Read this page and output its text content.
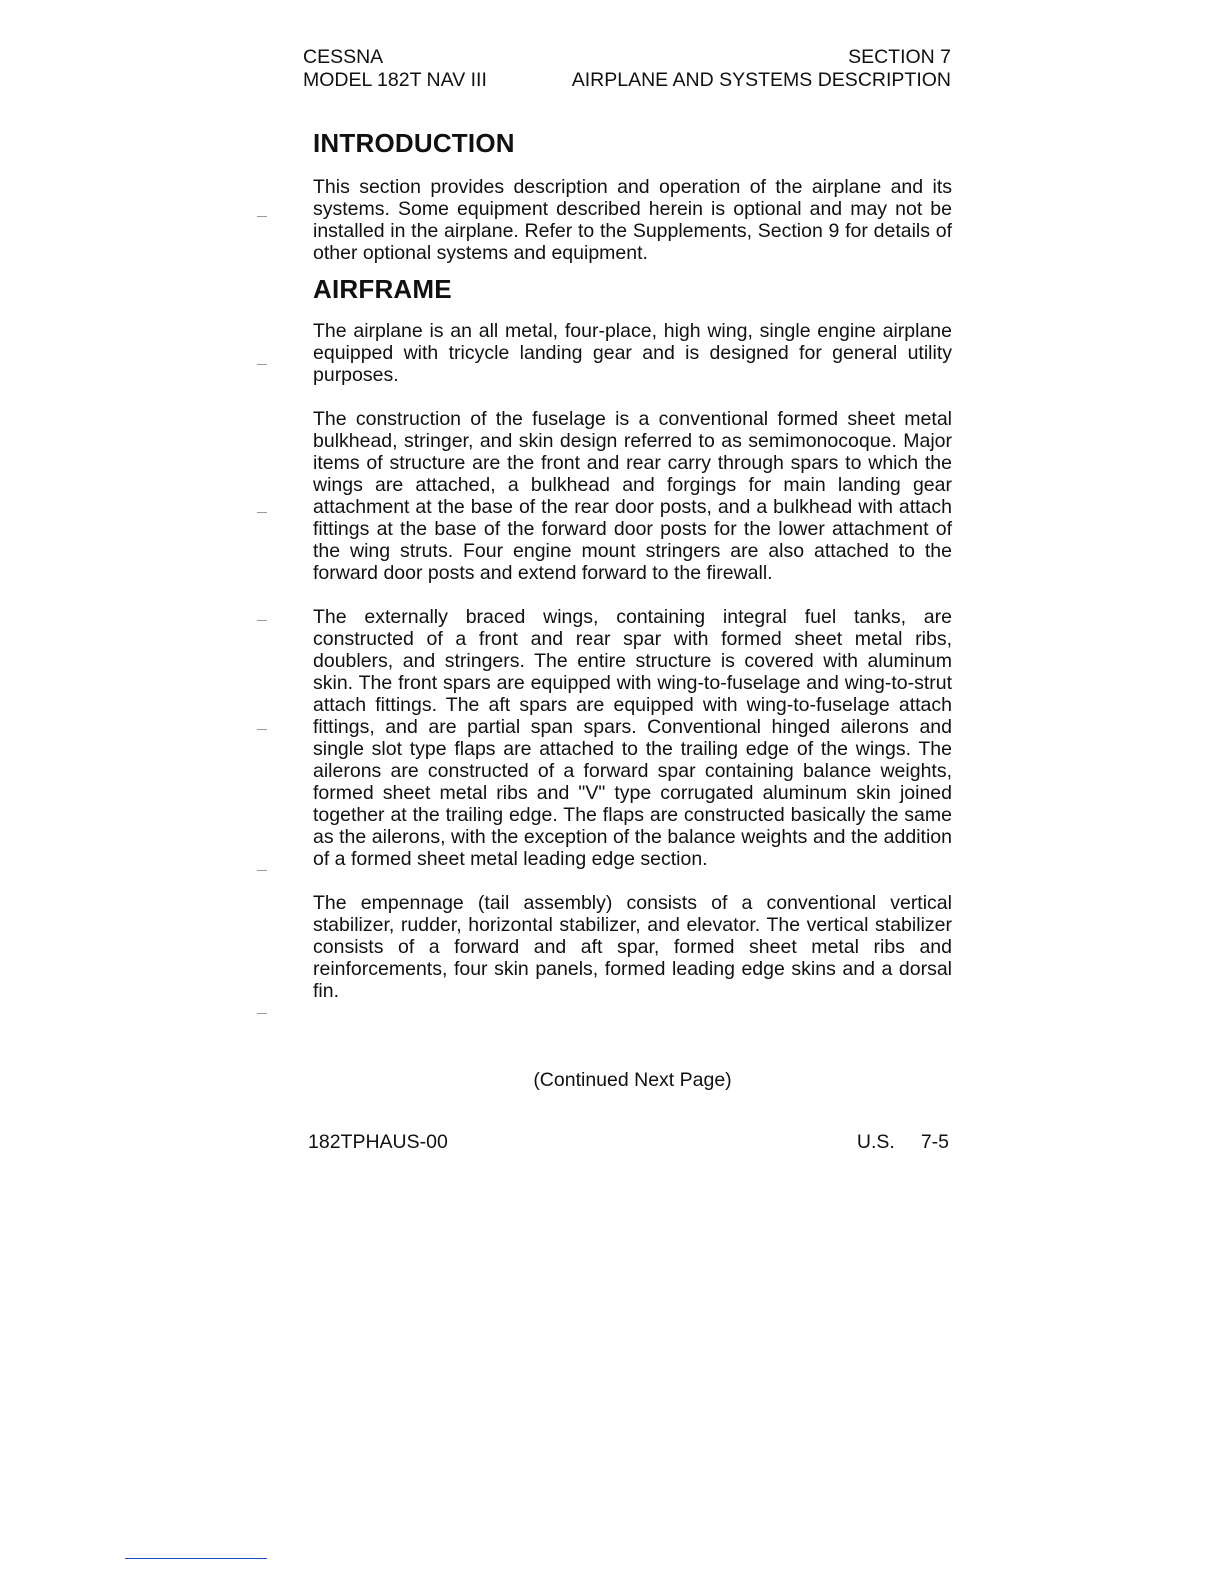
CESSNA	SECTION 7
MODEL 182T NAV III	AIRPLANE AND SYSTEMS DESCRIPTION
INTRODUCTION

This section provides description and operation of the airplane and its systems. Some equipment described herein is optional and may not be installed in the airplane. Refer to the Supplements, Section 9 for details of other optional systems and equipment.

AIRFRAME

The airplane is an all metal, four-place, high wing, single engine airplane equipped with tricycle landing gear and is designed for general utility purposes.

The construction of the fuselage is a conventional formed sheet metal bulkhead, stringer, and skin design referred to as semimonocoque. Major items of structure are the front and rear carry through spars to which the wings are attached, a bulkhead and forgings for main landing gear attachment at the base of the rear door posts, and a bulkhead with attach fittings at the base of the forward door posts for the lower attachment of the wing struts. Four engine mount stringers are also attached to the forward door posts and extend forward to the firewall.

The externally braced wings, containing integral fuel tanks, are constructed of a front and rear spar with formed sheet metal ribs, doublers, and stringers. The entire structure is covered with aluminum skin. The front spars are equipped with wing-to-fuselage and wing-to-strut attach fittings. The aft spars are equipped with wing-to-fuselage attach fittings, and are partial span spars. Conventional hinged ailerons and single slot type flaps are attached to the trailing edge of the wings. The ailerons are constructed of a forward spar containing balance weights, formed sheet metal ribs and "V" type corrugated aluminum skin joined together at the trailing edge. The flaps are constructed basically the same as the ailerons, with the exception of the balance weights and the addition of a formed sheet metal leading edge section.

The empennage (tail assembly) consists of a conventional vertical stabilizer, rudder, horizontal stabilizer, and elevator. The vertical stabilizer consists of a forward and aft spar, formed sheet metal ribs and reinforcements, four skin panels, formed leading edge skins and a dorsal fin.

(Continued Next Page)
182TPHAUS-00	U.S. 7-5
